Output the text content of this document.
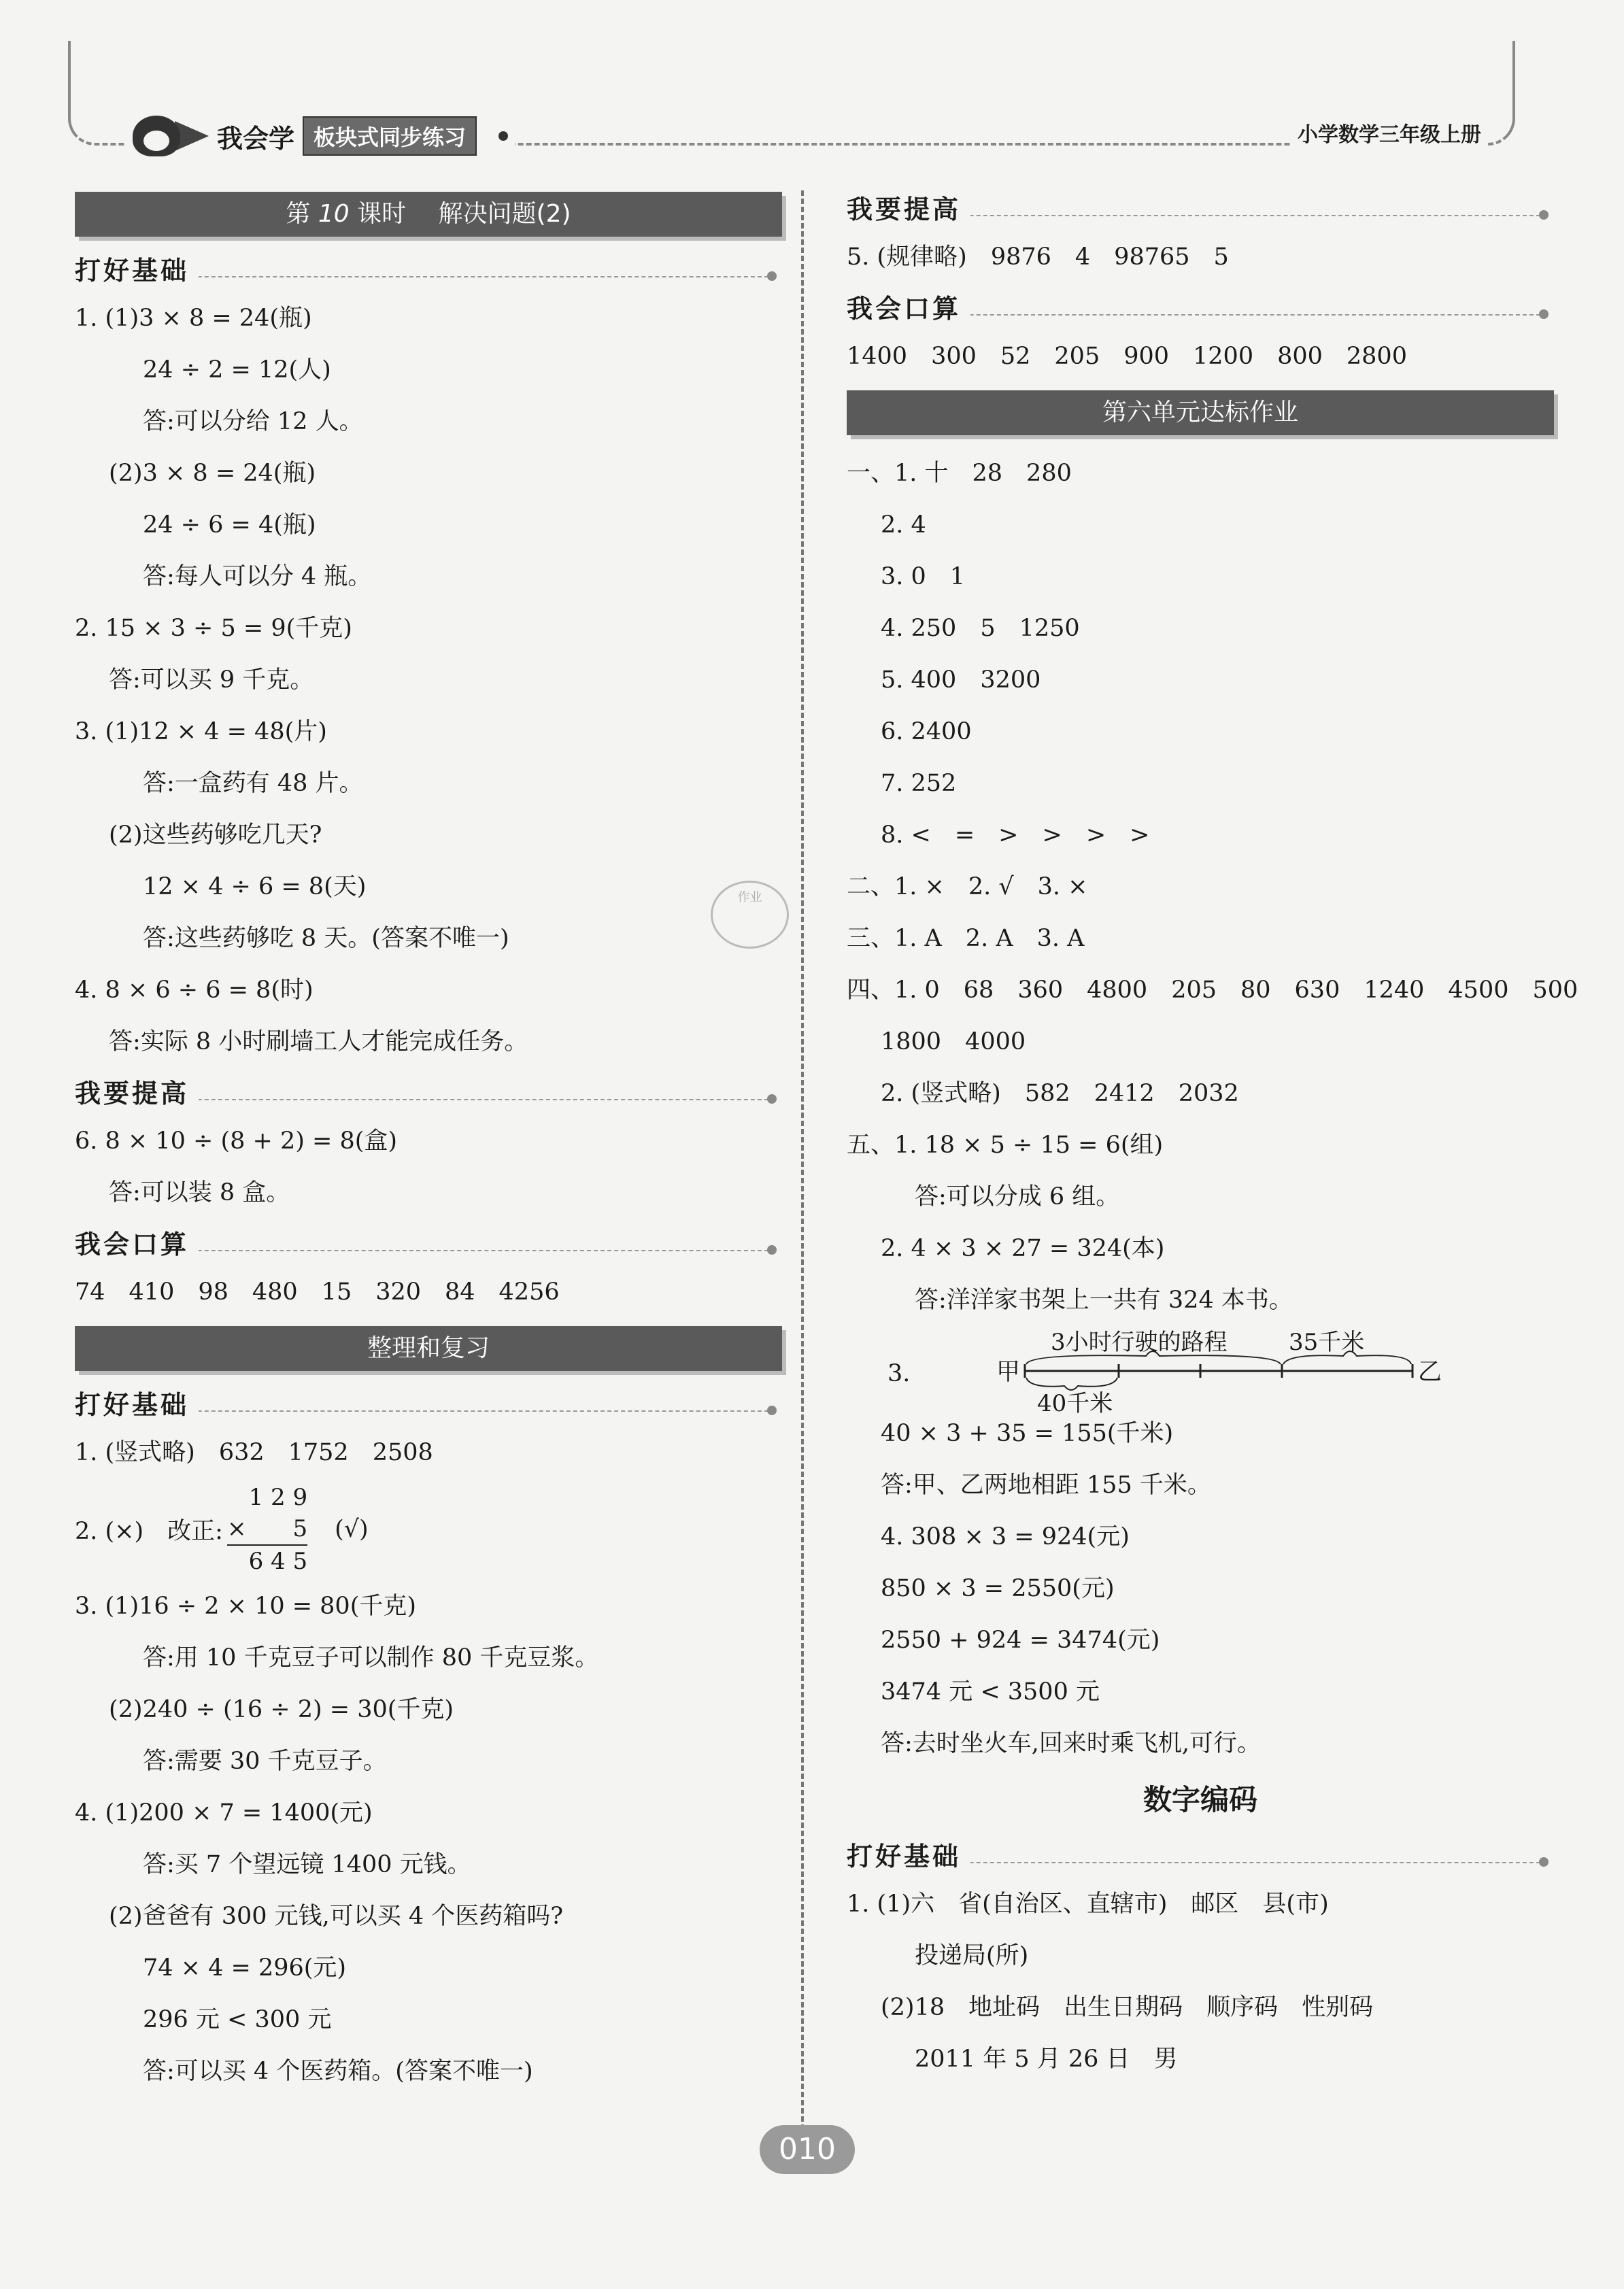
我会学 板块式同步练习	小学数学三年级上册
第 10 课时　 解决问题(2)
打好基础
1. (1)3 × 8 = 24(瓶)
24 ÷ 2 = 12(人)
答:可以分给 12 人。
(2)3 × 8 = 24(瓶)
24 ÷ 6 = 4(瓶)
答:每人可以分 4 瓶。
2. 15 × 3 ÷ 5 = 9(千克)
答:可以买 9 千克。
3. (1)12 × 4 = 48(片)
答:一盒药有 48 片。
(2)这些药够吃几天?
12 × 4 ÷ 6 = 8(天)
答:这些药够吃 8 天。(答案不唯一)
4. 8 × 6 ÷ 6 = 8(时)
答:实际 8 小时刷墙工人才能完成任务。
我要提高
6. 8 × 10 ÷ (8 + 2) = 8(盒)
答:可以装 8 盒。
我会口算
74　410　98　480　15　320　84　4256
整理和复习
打好基础
1. (竖式略)　632　1752　2508
2. (×)　改正:
1 2 9
×　　5
6 4 5
(√)
3. (1)16 ÷ 2 × 10 = 80(千克)
答:用 10 千克豆子可以制作 80 千克豆浆。
(2)240 ÷ (16 ÷ 2) = 30(千克)
答:需要 30 千克豆子。
4. (1)200 × 7 = 1400(元)
答:买 7 个望远镜 1400 元钱。
(2)爸爸有 300 元钱,可以买 4 个医药箱吗?
74 × 4 = 296(元)
296 元 < 300 元
答:可以买 4 个医药箱。(答案不唯一)
我要提高
5. (规律略)　9876　4　98765　5
我会口算
1400　300　52　205　900　1200　800　2800
第六单元达标作业
一、1. 十　28　280
2. 4
3. 0　1
4. 250　5　1250
5. 400　3200
6. 2400
7. 252
8. <　=　>　>　>　>
二、1. ×　2. √　3. ×
三、1. A　2. A　3. A
四、1. 0　68　360　4800　205　80　630　1240　4500　500
1800　4000
2. (竖式略)　582　2412　2032
五、1. 18 × 5 ÷ 15 = 6(组)
答:可以分成 6 组。
2. 4 × 3 × 27 = 324(本)
答:洋洋家书架上一共有 324 本书。
3.	甲	乙
3小时行驶的路程	35千米
40千米
40 × 3 + 35 = 155(千米)
答:甲、乙两地相距 155 千米。
4. 308 × 3 = 924(元)
850 × 3 = 2550(元)
2550 + 924 = 3474(元)
3474 元 < 3500 元
答:去时坐火车,回来时乘飞机,可行。
数字编码
打好基础
1. (1)六　省(自治区、直辖市)　邮区　县(市)
投递局(所)
(2)18　地址码　出生日期码　顺序码　性别码
2011 年 5 月 26 日　男
作业
010
